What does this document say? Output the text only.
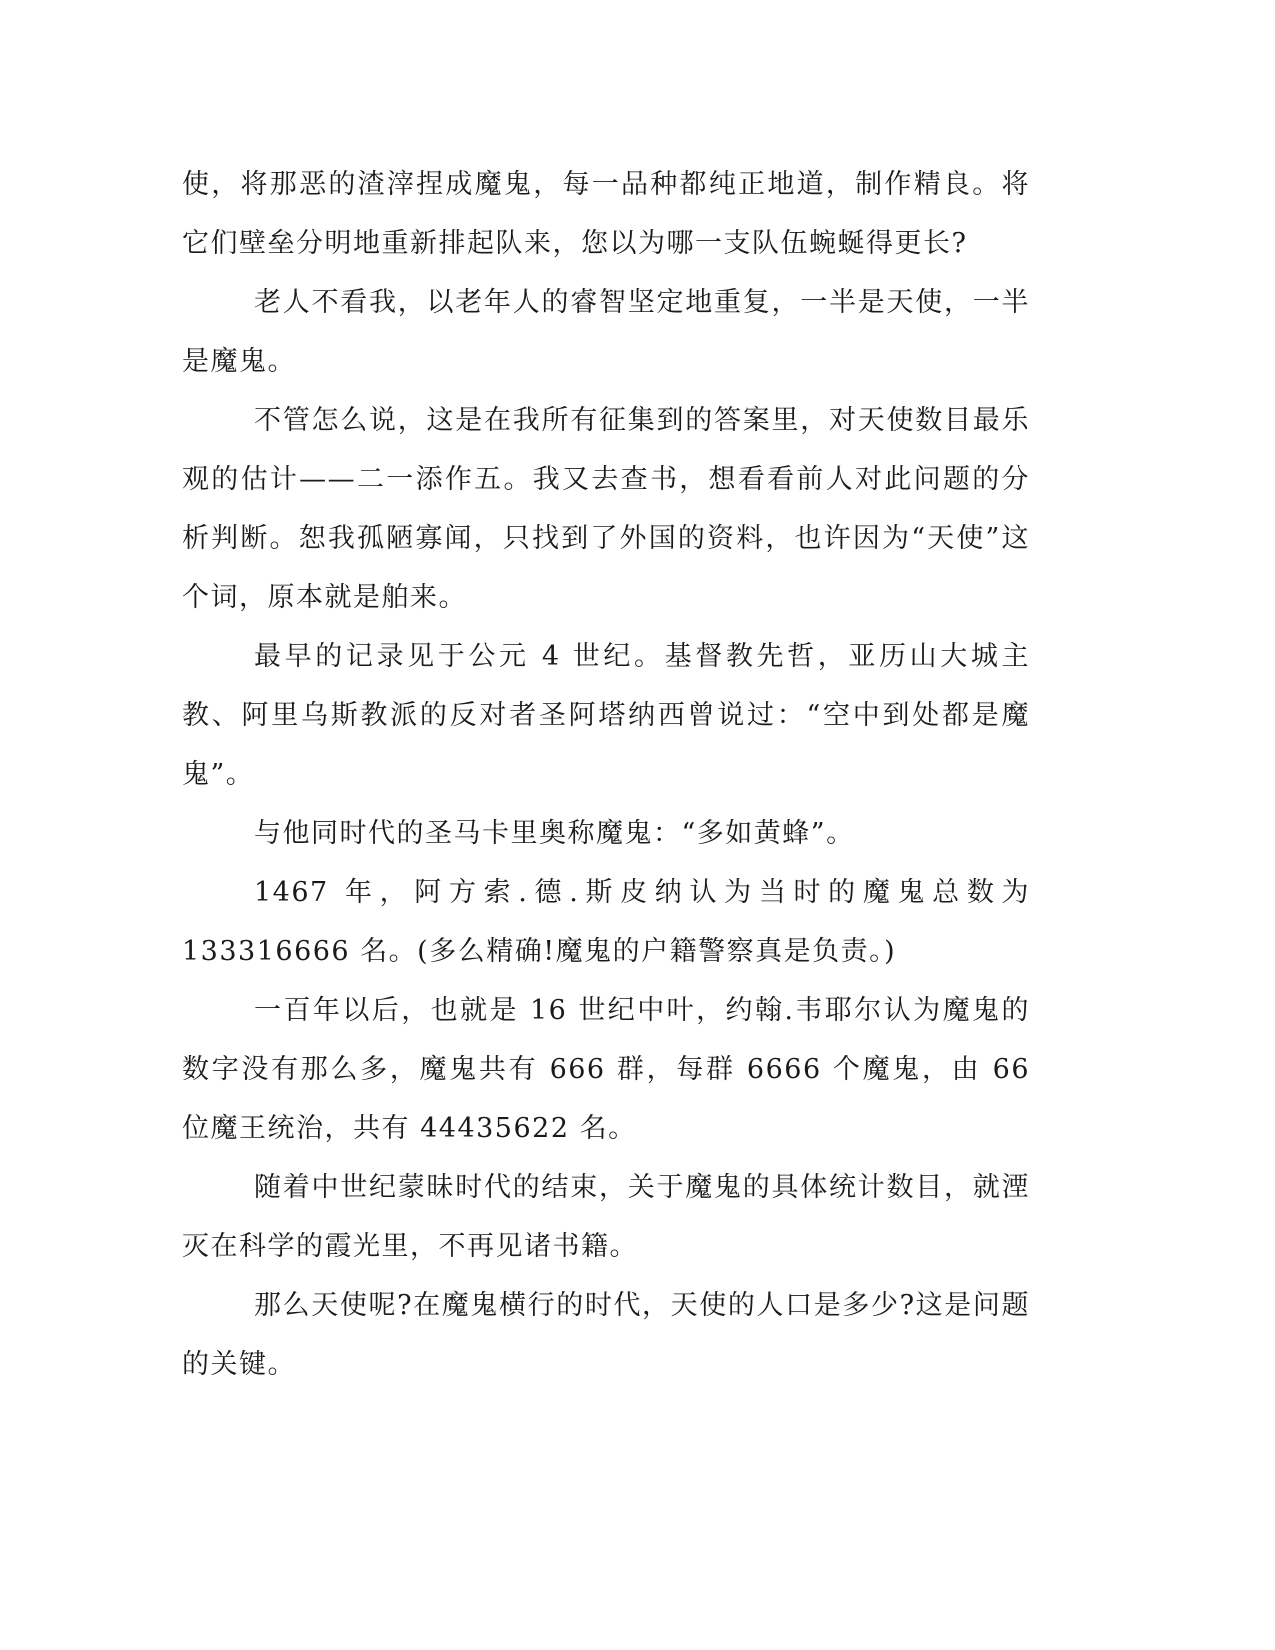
使，将那恶的渣滓捏成魔鬼，每一品种都纯正地道，制作精良。将它们壁垒分明地重新排起队来，您以为哪一支队伍蜿蜒得更长?

老人不看我，以老年人的睿智坚定地重复，一半是天使，一半是魔鬼。

不管怎么说，这是在我所有征集到的答案里，对天使数目最乐观的估计——二一添作五。我又去查书，想看看前人对此问题的分析判断。恕我孤陋寡闻，只找到了外国的资料，也许因为“天使”这个词，原本就是舶来。

最早的记录见于公元 4 世纪。基督教先哲，亚历山大城主教、阿里乌斯教派的反对者圣阿塔纳西曾说过：“空中到处都是魔鬼”。

与他同时代的圣马卡里奥称魔鬼：“多如黄蜂”。

1467 年，阿方索.德.斯皮纳认为当时的魔鬼总数为 133316666 名。(多么精确!魔鬼的户籍警察真是负责。)

一百年以后，也就是 16 世纪中叶，约翰.韦耶尔认为魔鬼的数字没有那么多，魔鬼共有 666 群，每群 6666 个魔鬼，由 66 位魔王统治，共有 44435622 名。

随着中世纪蒙昧时代的结束，关于魔鬼的具体统计数目，就湮灭在科学的霞光里，不再见诸书籍。

那么天使呢?在魔鬼横行的时代，天使的人口是多少?这是问题的关键。
